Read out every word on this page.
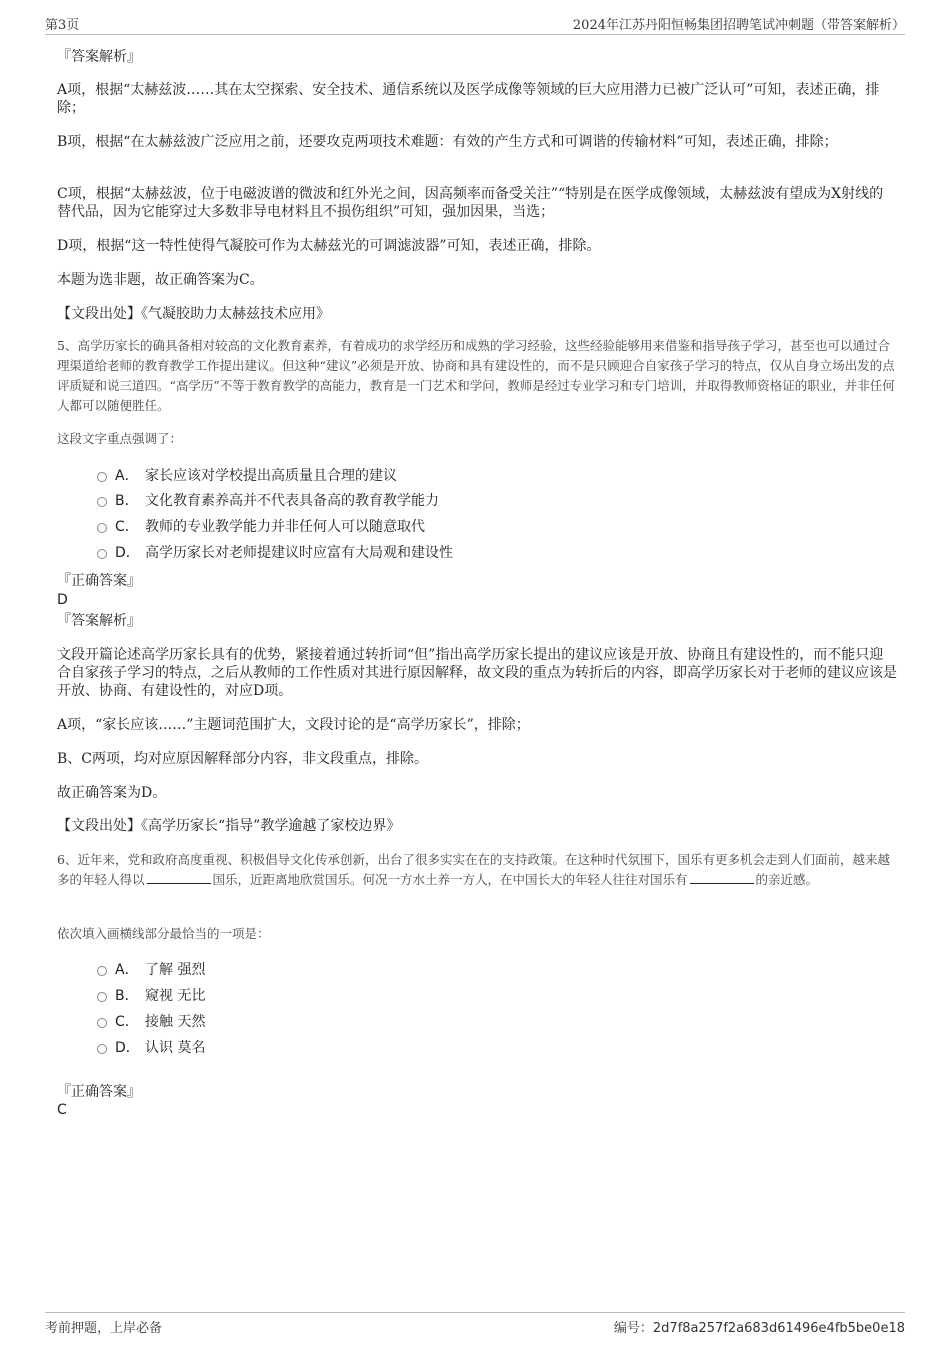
第3页	2024年江苏丹阳恒畅集团招聘笔试冲刺题（带答案解析）
『答案解析』
A项，根据“太赫兹波……其在太空探索、安全技术、通信系统以及医学成像等领域的巨大应用潜力已被广泛认可”可知，表述正确，排除；
B项，根据“在太赫兹波广泛应用之前，还要攻克两项技术难题：有效的产生方式和可调谐的传输材料”可知，表述正确，排除；
C项，根据“太赫兹波，位于电磁波谱的微波和红外光之间，因高频率而备受关注”“特别是在医学成像领域，太赫兹波有望成为X射线的替代品，因为它能穿过大多数非导电材料且不损伤组织”可知，强加因果，当选；
D项，根据“这一特性使得气凝胶可作为太赫兹光的可调滤波器”可知，表述正确，排除。
本题为选非题，故正确答案为C。
【文段出处】《气凝胶助力太赫兹技术应用》
5、高学历家长的确具备相对较高的文化教育素养，有着成功的求学经历和成熟的学习经验，这些经验能够用来借鉴和指导孩子学习，甚至也可以通过合理渠道给老师的教育教学工作提出建议。但这种“建议”必须是开放、协商和具有建设性的，而不是只顾迎合自家孩子学习的特点，仅从自身立场出发的点评质疑和说三道四。“高学历”不等于教育教学的高能力，教育是一门艺术和学问，教师是经过专业学习和专门培训，并取得教师资格证的职业，并非任何人都可以随便胜任。
这段文字重点强调了：
A． 家长应该对学校提出高质量且合理的建议
B． 文化教育素养高并不代表具备高的教育教学能力
C． 教师的专业教学能力并非任何人可以随意取代
D． 高学历家长对老师提建议时应富有大局观和建设性
『正确答案』
D
『答案解析』
文段开篇论述高学历家长具有的优势，紧接着通过转折词“但”指出高学历家长提出的建议应该是开放、协商且有建设性的，而不能只迎合自家孩子学习的特点，之后从教师的工作性质对其进行原因解释，故文段的重点为转折后的内容，即高学历家长对于老师的建议应该是开放、协商、有建设性的，对应D项。
A项，“家长应该……”主题词范围扩大，文段讨论的是“高学历家长”，排除；
B、C两项，均对应原因解释部分内容，非文段重点，排除。
故正确答案为D。
【文段出处】《高学历家长“指导”教学逾越了家校边界》
6、近年来，党和政府高度重视、积极倡导文化传承创新，出台了很多实实在在的支持政策。在这种时代氛围下，国乐有更多机会走到人们面前，越来越多的年轻人得以	国乐，近距离地欣赏国乐。何况一方水土养一方人，在中国长大的年轻人往往对国乐有	的亲近感。
依次填入画横线部分最恰当的一项是：
A． 了解 强烈
B． 窥视 无比
C． 接触 天然
D． 认识 莫名
『正确答案』
C
考前押题，上岸必备	编号：2d7f8a257f2a683d61496e4fb5be0e18
